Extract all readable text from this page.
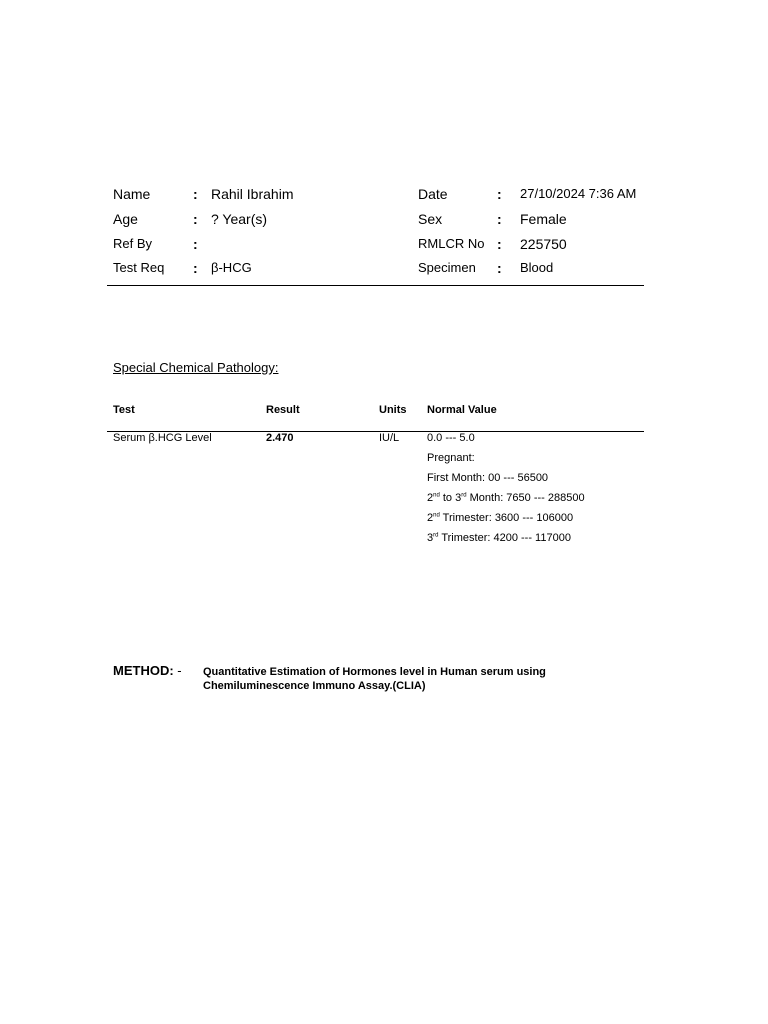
Name	: Rahil Ibrahim
Age	: ? Year(s)
Ref By	:
Test Req : β-HCG
Date	: 27/10/2024 7:36 AM
Sex	: Female
RMLCR No : 225750
Specimen : Blood
Special Chemical Pathology:
Test	Result	Units Normal Value
Serum β.HCG Level	2.470	IU/L	0.0 --- 5.0
Pregnant:
First Month: 00 --- 56500
2nd to 3rd Month: 7650 --- 288500
2nd Trimester: 3600 --- 106000
3rd Trimester: 4200 --- 117000
METHOD: - Quantitative Estimation of Hormones level in Human serum using Chemiluminescence Immuno Assay.(CLIA)
